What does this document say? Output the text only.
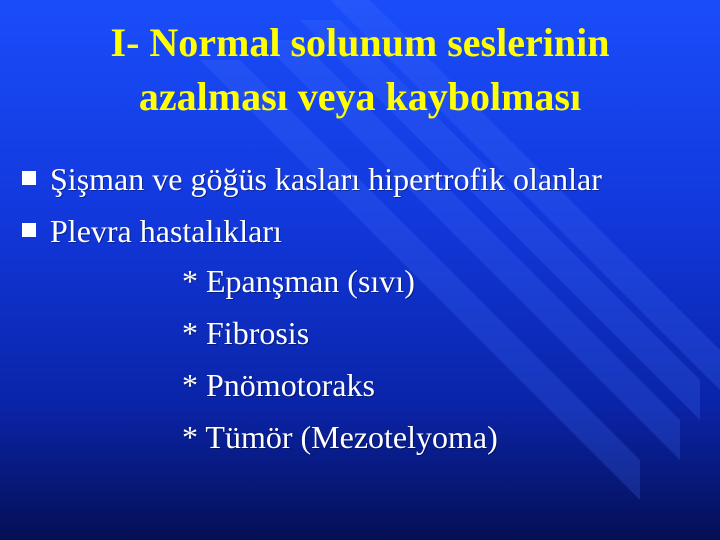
I- Normal solunum seslerinin
azalması veya kaybolması
Şişman ve göğüs kasları hipertrofik olanlar
Plevra hastalıkları
* Epanşman (sıvı)
* Fibrosis
* Pnömotoraks
* Tümör (Mezotelyoma)
